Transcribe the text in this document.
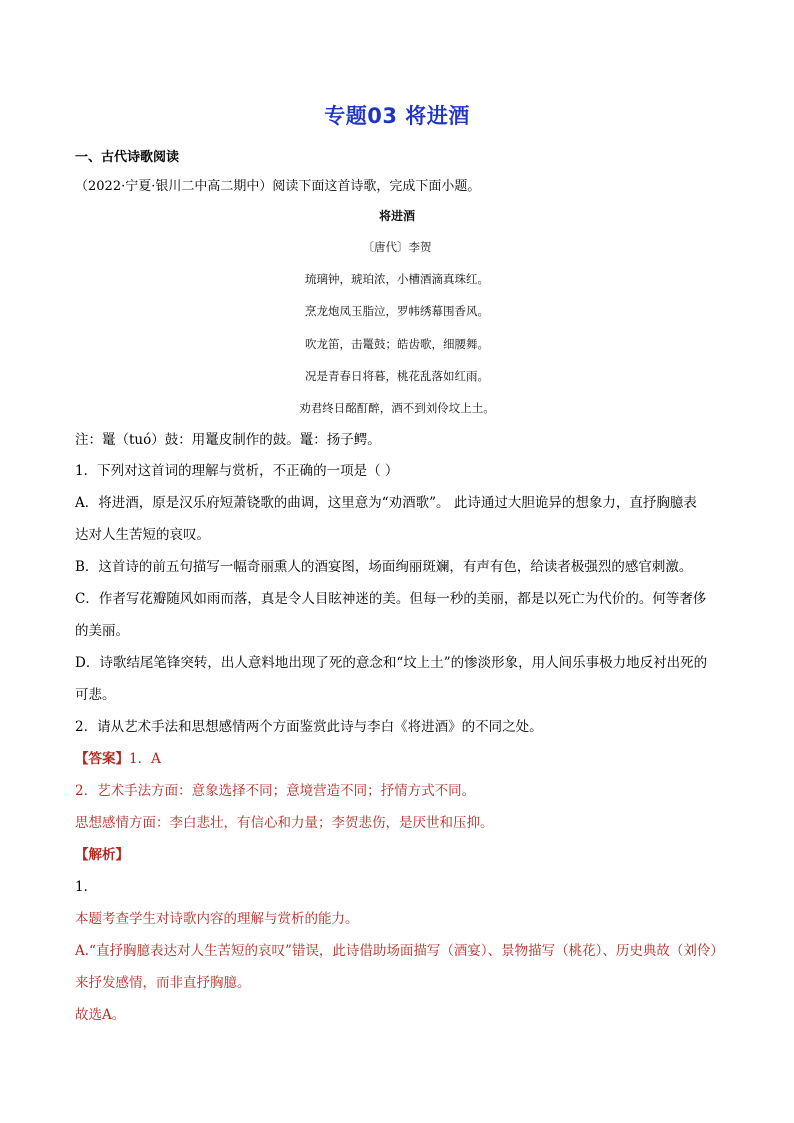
专题03 将进酒
一、古代诗歌阅读
（2022·宁夏·银川二中高二期中）阅读下面这首诗歌，完成下面小题。
将进酒
〔唐代〕李贺
琉璃钟，琥珀浓，小槽酒滴真珠红。
烹龙炮凤玉脂泣，罗帏绣幕围香风。
吹龙笛，击鼍鼓；皓齿歌，细腰舞。
况是青春日将暮，桃花乱落如红雨。
劝君终日酩酊醉，酒不到刘伶坟上土。
注：鼍（tuó）鼓：用鼍皮制作的鼓。鼍：扬子鳄。
1．下列对这首词的理解与赏析，不正确的一项是（ ）
A．将进酒，原是汉乐府短萧铙歌的曲调，这里意为“劝酒歌”。 此诗通过大胆诡异的想象力，直抒胸臆表
达对人生苦短的哀叹。
B．这首诗的前五句描写一幅奇丽熏人的酒宴图，场面绚丽斑斓，有声有色，给读者极强烈的感官刺激。
C．作者写花瓣随风如雨而落，真是令人目眩神迷的美。但每一秒的美丽，都是以死亡为代价的。何等奢侈
的美丽。
D．诗歌结尾笔锋突转，出人意料地出现了死的意念和“坟上土”的惨淡形象，用人间乐事极力地反衬出死的
可悲。
2．请从艺术手法和思想感情两个方面鉴赏此诗与李白《将进酒》的不同之处。
【答案】1．A
2．艺术手法方面：意象选择不同；意境营造不同；抒情方式不同。
思想感情方面：李白悲壮，有信心和力量；李贺悲伤，是厌世和压抑。
【解析】
1．
本题考查学生对诗歌内容的理解与赏析的能力。
A.“直抒胸臆表达对人生苦短的哀叹”错误，此诗借助场面描写（酒宴）、景物描写（桃花）、历史典故（刘伶）
来抒发感情，而非直抒胸臆。
故选A。
